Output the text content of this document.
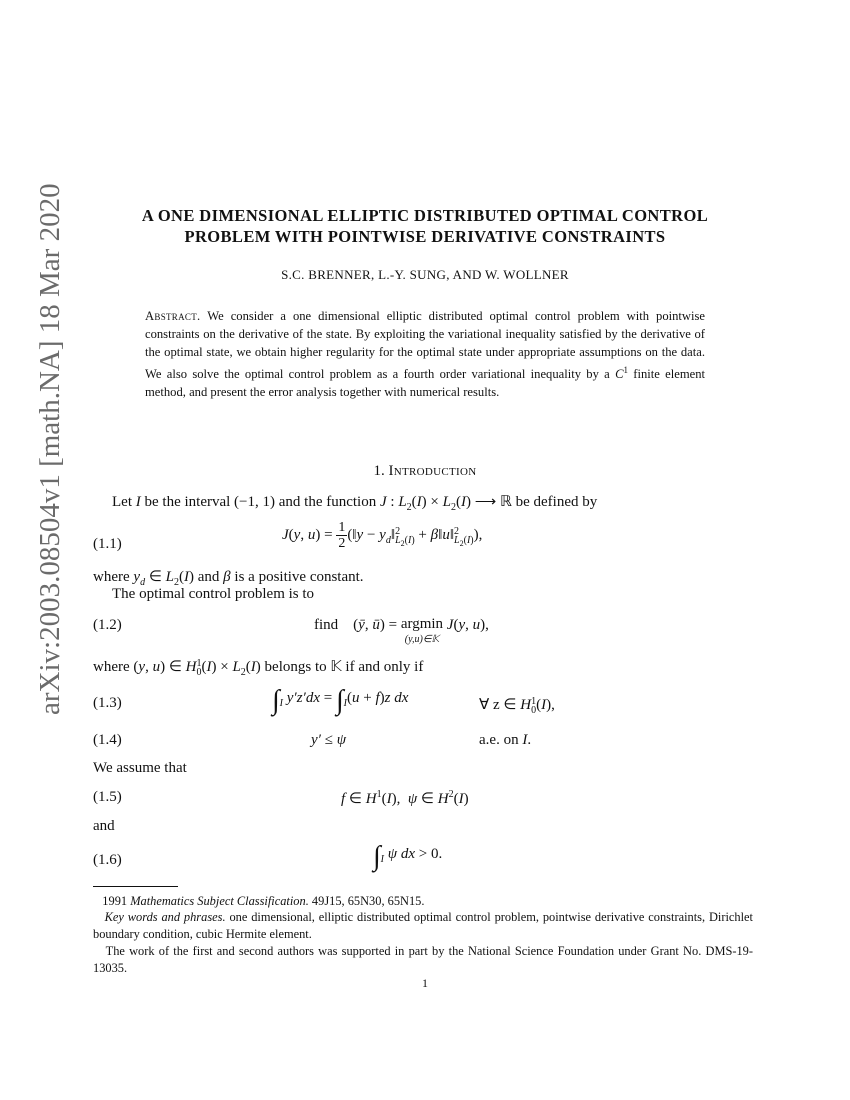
arXiv:2003.08504v1 [math.NA] 18 Mar 2020	A ONE DIMENSIONAL ELLIPTIC DISTRIBUTED OPTIMAL CONTROL
PROBLEM WITH POINTWISE DERIVATIVE CONSTRAINTS
S.C. BRENNER, L.-Y. SUNG, AND W. WOLLNER
Abstract. We consider a one dimensional elliptic distributed optimal control problem with pointwise constraints on the derivative of the state. By exploiting the variational inequality satisfied by the derivative of the optimal state, we obtain higher regularity for the optimal state under appropriate assumptions on the data. We also solve the optimal control problem as a fourth order variational inequality by a $C^1$ finite element method, and present the error analysis together with numerical results.
1. Introduction
Let I be the interval (−1, 1) and the function J : $L_2(I) \times L_2(I)$ ⟶ ℝ be defined by
(1.1)
J(y, $u) = \frac{1}{2}$ (‖y − $y_d‖2$
$L_2(I)$ + β‖u‖2
$L_2(I)$),
where $y_d$ ∈ $L_2(I)$ and β is a positive constant.
The optimal control problem is to
(1.2)	find    (ȳ, ū) = argmin
(y,u)∈𝕂
J(y, u),
where (y, u) ∈ H1
$0(I) \times L_2(I)$ belongs to 𝕂 if and only if
(1.3)	$\int_I$ $y'z'dx = \int_I(u + f)z$ dx	∀ z ∈ H1
0(I),
(1.4)	y′ ≤ ψ	a.e. on I.
We assume that
(1.5)	f ∈ $H^1(I)$,  ψ ∈ $H^2(I)$
and
(1.6)	$\int_I$ ψ dx > 0.
1991 Mathematics Subject Classification. 49J15, 65N30, 65N15.
Key words and phrases. one dimensional, elliptic distributed optimal control problem, pointwise derivative constraints, Dirichlet boundary condition, cubic Hermite element.
The work of the first and second authors was supported in part by the National Science Foundation under Grant No. DMS-19-13035.
1
